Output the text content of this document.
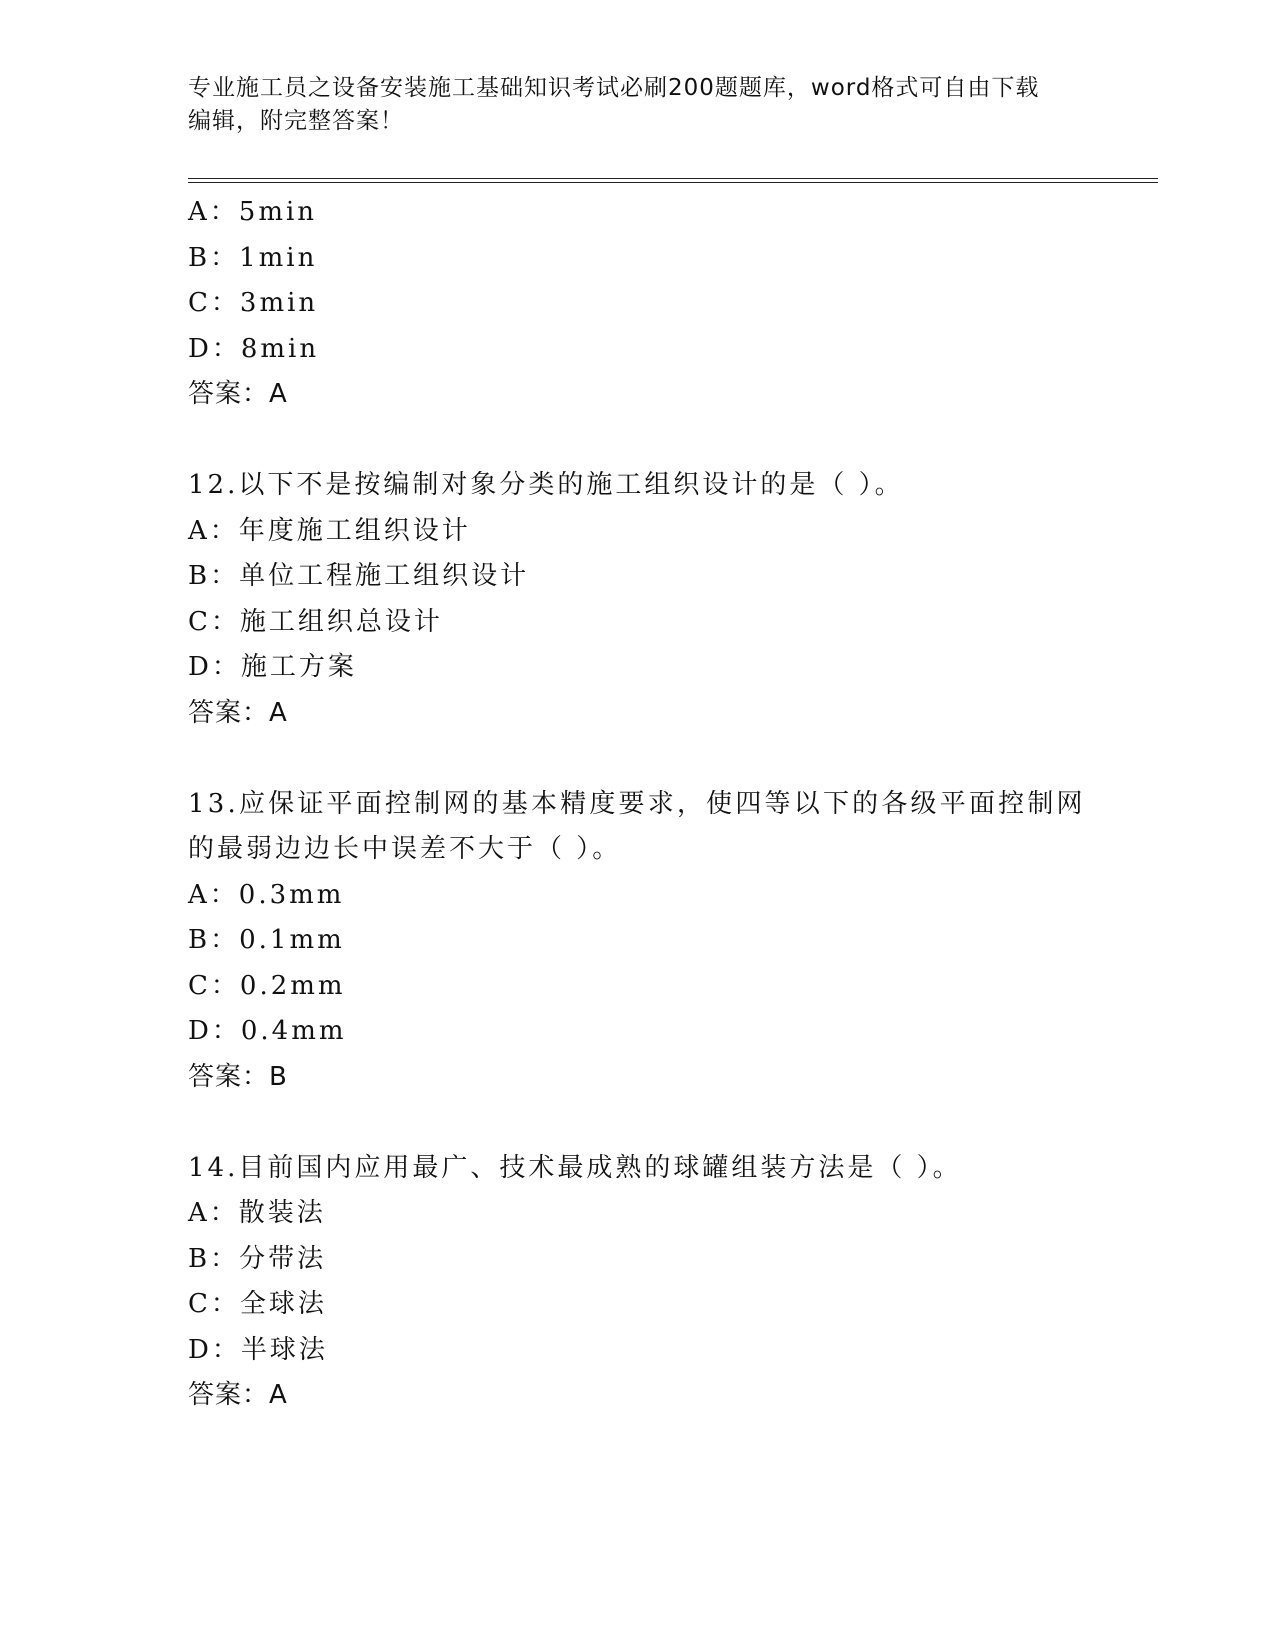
专业施工员之设备安装施工基础知识考试必刷200题题库，word格式可自由下载
编辑，附完整答案！
A：5min
B：1min
C：3min
D：8min
答案：A
12.以下不是按编制对象分类的施工组织设计的是（ ）。
A：年度施工组织设计
B：单位工程施工组织设计
C：施工组织总设计
D：施工方案
答案：A
13.应保证平面控制网的基本精度要求，使四等以下的各级平面控制网
的最弱边边长中误差不大于（ ）。
A：0.3mm
B：0.1mm
C：0.2mm
D：0.4mm
答案：B
14.目前国内应用最广、技术最成熟的球罐组装方法是（ ）。
A：散装法
B：分带法
C：全球法
D：半球法
答案：A
